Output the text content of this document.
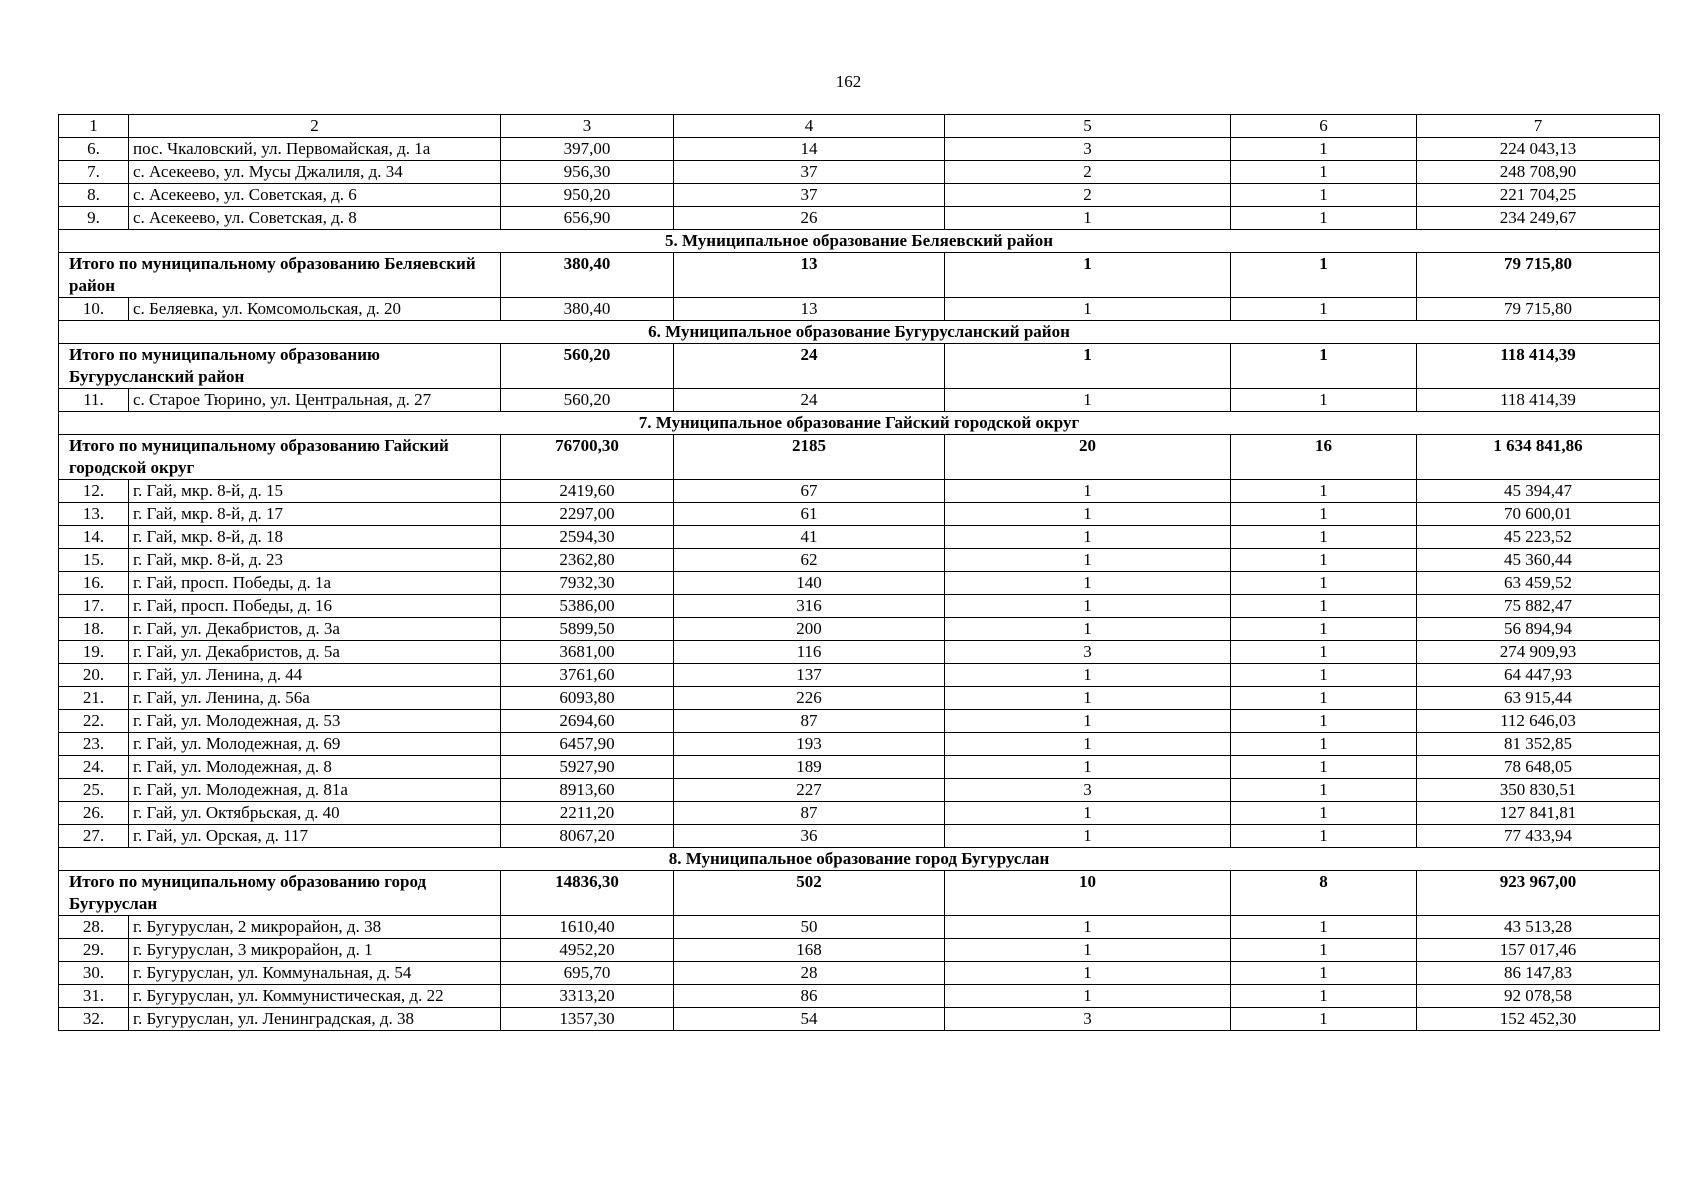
162
1	2	3	4	5	6	7
6.	пос. Чкаловский, ул. Первомайская, д. 1а	397,00	14	3	1	224 043,13
7.	с. Асекеево, ул. Мусы Джалиля, д. 34	956,30	37	2	1	248 708,90
8.	с. Асекеево, ул. Советская, д. 6	950,20	37	2	1	221 704,25
9.	с. Асекеево, ул. Советская, д. 8	656,90	26	1	1	234 249,67
5. Муниципальное образование Беляевский район						
Итого по муниципальному образованию Беляевский район		380,40	13	1	1	79 715,80
10.	с. Беляевка, ул. Комсомольская, д. 20	380,40	13	1	1	79 715,80
6. Муниципальное образование Бугурусланский район						
Итого по муниципальному образованию Бугурусланский район		560,20	24	1	1	118 414,39
11.	с. Старое Тюрино, ул. Центральная, д. 27	560,20	24	1	1	118 414,39
7. Муниципальное образование Гайский городской округ						
Итого по муниципальному образованию Гайский городской округ		76700,30	2185	20	16	1 634 841,86
12.	г. Гай, мкр. 8-й, д. 15	2419,60	67	1	1	45 394,47
13.	г. Гай, мкр. 8-й, д. 17	2297,00	61	1	1	70 600,01
14.	г. Гай, мкр. 8-й, д. 18	2594,30	41	1	1	45 223,52
15.	г. Гай, мкр. 8-й, д. 23	2362,80	62	1	1	45 360,44
16.	г. Гай, просп. Победы, д. 1а	7932,30	140	1	1	63 459,52
17.	г. Гай, просп. Победы, д. 16	5386,00	316	1	1	75 882,47
18.	г. Гай, ул. Декабристов, д. 3а	5899,50	200	1	1	56 894,94
19.	г. Гай, ул. Декабристов, д. 5а	3681,00	116	3	1	274 909,93
20.	г. Гай, ул. Ленина, д. 44	3761,60	137	1	1	64 447,93
21.	г. Гай, ул. Ленина, д. 56а	6093,80	226	1	1	63 915,44
22.	г. Гай, ул. Молодежная, д. 53	2694,60	87	1	1	112 646,03
23.	г. Гай, ул. Молодежная, д. 69	6457,90	193	1	1	81 352,85
24.	г. Гай, ул. Молодежная, д. 8	5927,90	189	1	1	78 648,05
25.	г. Гай, ул. Молодежная, д. 81а	8913,60	227	3	1	350 830,51
26.	г. Гай, ул. Октябрьская, д. 40	2211,20	87	1	1	127 841,81
27.	г. Гай, ул. Орская, д. 117	8067,20	36	1	1	77 433,94
8. Муниципальное образование город Бугуруслан						
Итого по муниципальному образованию город Бугуруслан		14836,30	502	10	8	923 967,00
28.	г. Бугуруслан, 2 микрорайон, д. 38	1610,40	50	1	1	43 513,28
29.	г. Бугуруслан, 3 микрорайон, д. 1	4952,20	168	1	1	157 017,46
30.	г. Бугуруслан, ул. Коммунальная, д. 54	695,70	28	1	1	86 147,83
31.	г. Бугуруслан, ул. Коммунистическая, д. 22	3313,20	86	1	1	92 078,58
32.	г. Бугуруслан, ул. Ленинградская, д. 38	1357,30	54	3	1	152 452,30
